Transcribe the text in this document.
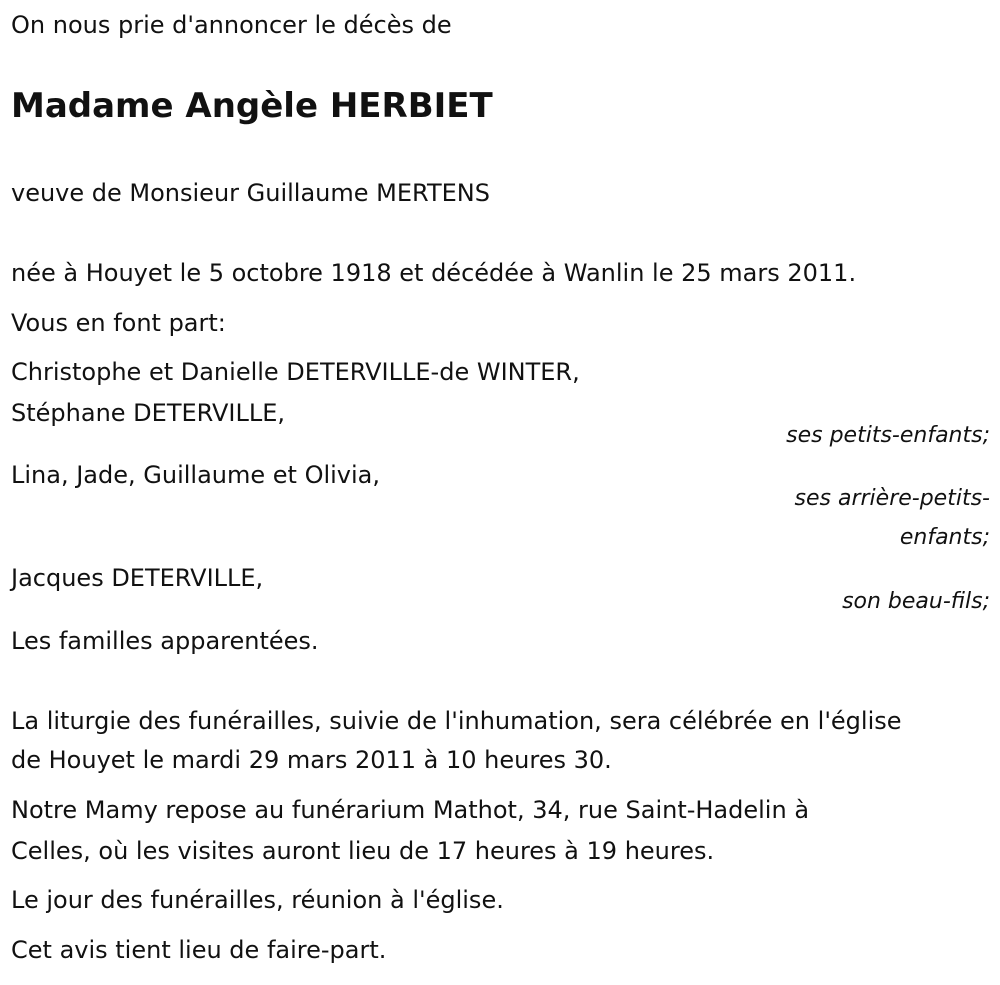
On nous prie d'annoncer le décès de

Madame Angèle HERBIET

veuve de Monsieur Guillaume MERTENS

née à Houyet le 5 octobre 1918 et décédée à Wanlin le 25 mars 2011.

Vous en font part:

Christophe et Danielle DETERVILLE-de WINTER,

Stéphane DETERVILLE,

ses petits-enfants;

Lina, Jade, Guillaume et Olivia,

ses arrière-petits-

enfants;

Jacques DETERVILLE,

son beau-fils;

Les familles apparentées.

La liturgie des funérailles, suivie de l'inhumation, sera célébrée en l'église

de Houyet le mardi 29 mars 2011 à 10 heures 30.

Notre Mamy repose au funérarium Mathot, 34, rue Saint-Hadelin à

Celles, où les visites auront lieu de 17 heures à 19 heures.

Le jour des funérailles, réunion à l'église.

Cet avis tient lieu de faire-part.
